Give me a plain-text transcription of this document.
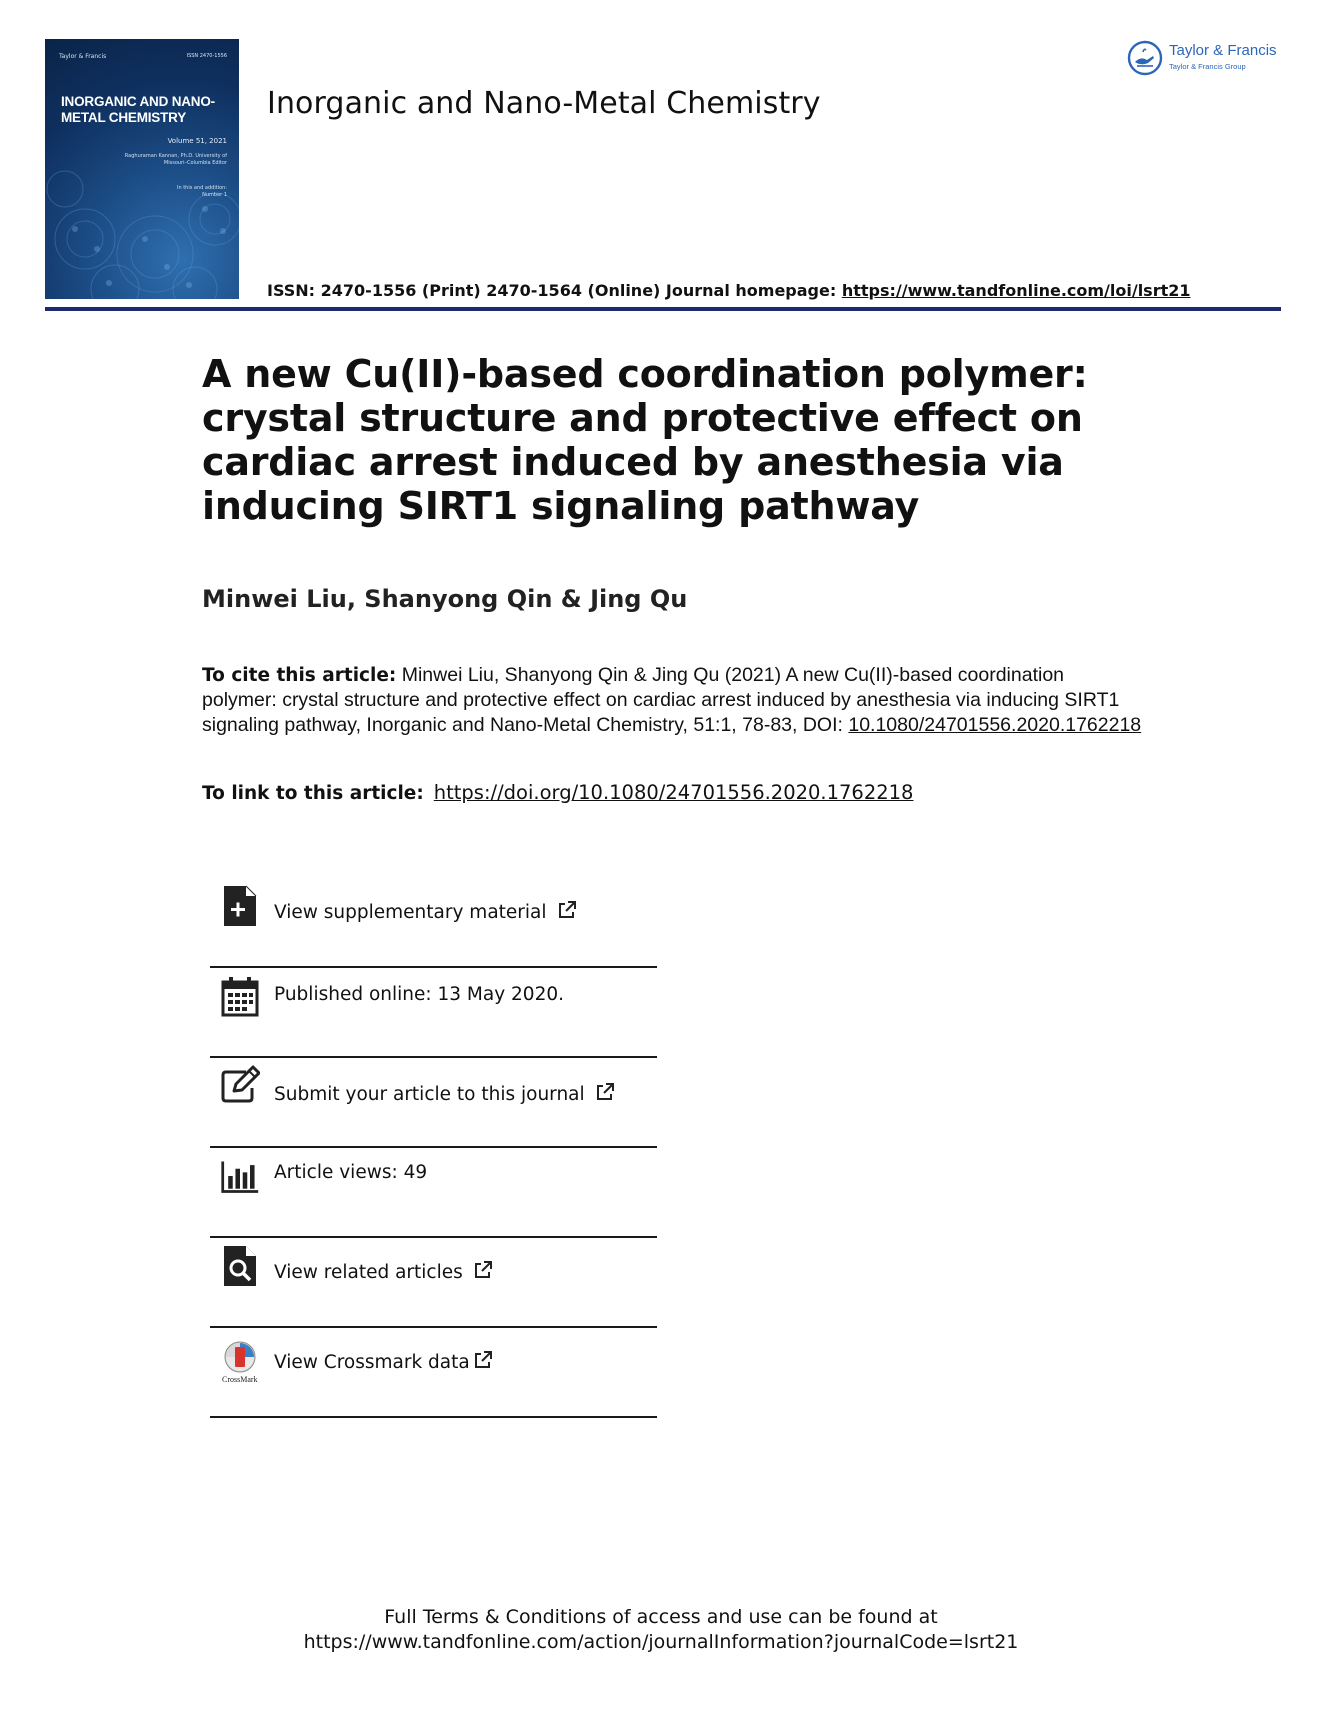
Taylor & Francis	ISSN 2470-1556
INORGANIC AND NANO-METAL CHEMISTRY
Volume 51, 2021
Raghuraman Kannan, Ph.D. University of Missouri–Columbia Editor
In this and addition: Number 1
Inorganic and Nano-Metal Chemistry
ISSN: 2470-1556 (Print) 2470-1564 (Online) Journal homepage: https://www.tandfonline.com/loi/lsrt21
Taylor & Francis
Taylor & Francis Group
A new Cu(II)-based coordination polymer: crystal structure and protective effect on cardiac arrest induced by anesthesia via inducing SIRT1 signaling pathway
Minwei Liu, Shanyong Qin & Jing Qu
To cite this article: Minwei Liu, Shanyong Qin & Jing Qu (2021) A new Cu(II)-based coordination polymer: crystal structure and protective effect on cardiac arrest induced by anesthesia via inducing SIRT1 signaling pathway, Inorganic and Nano-Metal Chemistry, 51:1, 78-83, DOI: 10.1080/24701556.2020.1762218
To link to this article: https://doi.org/10.1080/24701556.2020.1762218
View supplementary material
Published online: 13 May 2020.
Submit your article to this journal
Article views: 49
View related articles
CrossMark
View Crossmark data
Full Terms & Conditions of access and use can be found at
https://www.tandfonline.com/action/journalInformation?journalCode=lsrt21
